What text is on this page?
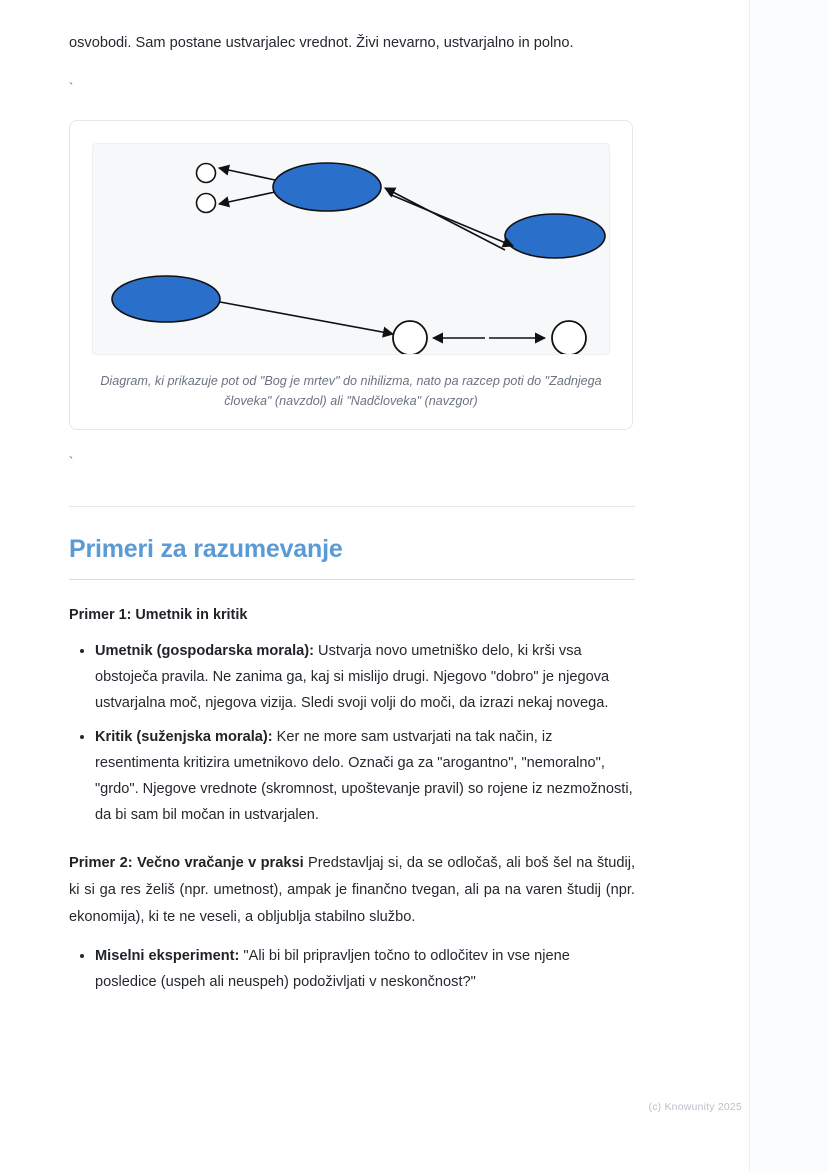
osvobodi. Sam postane ustvarjalec vrednot. Živi nevarno, ustvarjalno in polno.

`

Diagram, ki prikazuje pot od "Bog je mrtev" do nihilizma, nato pa razcep poti do "Zadnjega človeka" (navzdol) ali "Nadčloveka" (navzgor)

`

Primeri za razumevanje
Primer 1: Umetnik in kritik
• Umetnik (gospodarska morala): Ustvarja novo umetniško delo, ki krši vsa obstoječa pravila. Ne zanima ga, kaj si mislijo drugi. Njegovo "dobro" je njegova ustvarjalna moč, njegova vizija. Sledi svoji volji do moči, da izrazi nekaj novega.
• Kritik (suženjska morala): Ker ne more sam ustvarjati na tak način, iz resentimenta kritizira umetnikovo delo. Označi ga za "arogantno", "nemoralno", "grdo". Njegove vrednote (skromnost, upoštevanje pravil) so rojene iz nezmožnosti, da bi sam bil močan in ustvarjalen.

Primer 2: Večno vračanje v praksi Predstavljaj si, da se odločaš, ali boš šel na študij, ki si ga res želiš (npr. umetnost), ampak je finančno tvegan, ali pa na varen študij (npr. ekonomija), ki te ne veseli, a obljublja stabilno službo.

• Miselni eksperiment: "Ali bi bil pripravljen točno to odločitev in vse njene posledice (uspeh ali neuspeh) podoživljati v neskončnost?"
(c) Knowunity 2025
